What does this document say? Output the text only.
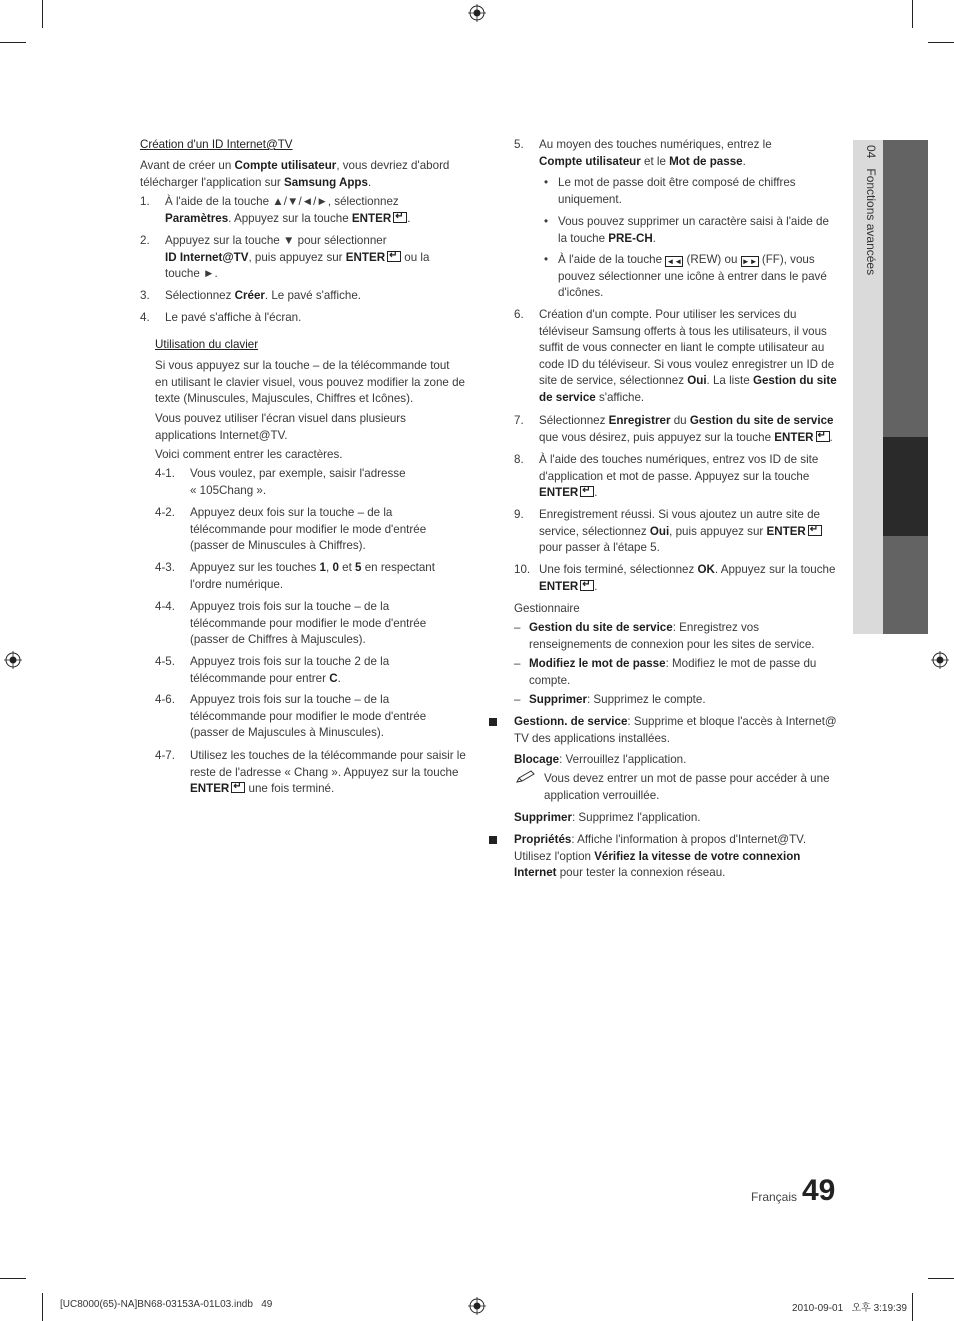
04   Fonctions avancées
Création d'un ID Internet@TV
Avant de créer un Compte utilisateur, vous devriez d'abord
télécharger l'application sur Samsung Apps.
1. À l'aide de la touche ▲/▼/◄/►, sélectionnez
Paramètres. Appuyez sur la touche ENTER ↵ .
2. Appuyez sur la touche ▼ pour sélectionner
ID Internet@TV, puis appuyez sur ENTER↵ ou la
touche ►.
3. Sélectionnez Créer. Le pavé s'affiche.
4. Le pavé s'affiche à l'écran.
Utilisation du clavier
Si vous appuyez sur la touche – de la télécommande tout
en utilisant le clavier visuel, vous pouvez modifier la zone de
texte (Minuscules, Majuscules, Chiffres et Icônes).
Vous pouvez utiliser l'écran visuel dans plusieurs
applications Internet@TV.
Voici comment entrer les caractères.
4-1. Vous voulez, par exemple, saisir l'adresse
« 105Chang ».
4-2. Appuyez deux fois sur la touche – de la
télécommande pour modifier le mode d'entrée
(passer de Minuscules à Chiffres).
4-3. Appuyez sur les touches 1, 0 et 5 en respectant
l'ordre numérique.
4-4. Appuyez trois fois sur la touche – de la
télécommande pour modifier le mode d'entrée
(passer de Chiffres à Majuscules).
4-5. Appuyez trois fois sur la touche 2 de la
télécommande pour entrer C.
4-6. Appuyez trois fois sur la touche – de la
télécommande pour modifier le mode d'entrée
(passer de Majuscules à Minuscules).
4-7. Utilisez les touches de la télécommande pour saisir le
reste de l'adresse « Chang ». Appuyez sur la touche
ENTER↵ une fois terminé.
5. Au moyen des touches numériques, entrez le
Compte utilisateur et le Mot de passe.
• Le mot de passe doit être composé de chiffres
uniquement.
• Vous pouvez supprimer un caractère saisi à l'aide de
la touche PRE-CH.
• À l'aide de la touche ◄◄ (REW) ou ►► (FF), vous
pouvez sélectionner une icône à entrer dans le pavé
d'icônes.
6. Création d'un compte. Pour utiliser les services du
téléviseur Samsung offerts à tous les utilisateurs, il vous
suffit de vous connecter en liant le compte utilisateur au
code ID du téléviseur. Si vous voulez enregistrer un ID de
site de service, sélectionnez Oui. La liste Gestion du site
de service s'affiche.
7. Sélectionnez Enregistrer du Gestion du site de service
que vous désirez, puis appuyez sur la touche ENTER ↵ .
8. À l'aide des touches numériques, entrez vos ID de site
d'application et mot de passe. Appuyez sur la touche
ENTER ↵ .
9. Enregistrement réussi. Si vous ajoutez un autre site de
service, sélectionnez Oui, puis appuyez sur ENTER↵
pour passer à l'étape 5.
10. Une fois terminé, sélectionnez OK. Appuyez sur la touche
ENTER ↵ .
Gestionnaire
– Gestion du site de service: Enregistrez vos
renseignements de connexion pour les sites de service.
– Modifiez le mot de passe: Modifiez le mot de passe du
compte.
– Supprimer: Supprimez le compte.
Gestionn. de service: Supprime et bloque l'accès à Internet@
TV des applications installées.
Blocage: Verrouillez l'application.
Vous devez entrer un mot de passe pour accéder à une
application verrouillée.
Supprimer: Supprimez l'application.
Propriétés: Affiche l'information à propos d'Internet@TV.
Utilisez l'option Vérifiez la vitesse de votre connexion
Internet pour tester la connexion réseau.
Français 49
[UC8000(65)-NA]BN68-03153A-01L03.indb   49	2010-09-01   오후 3:19:39
